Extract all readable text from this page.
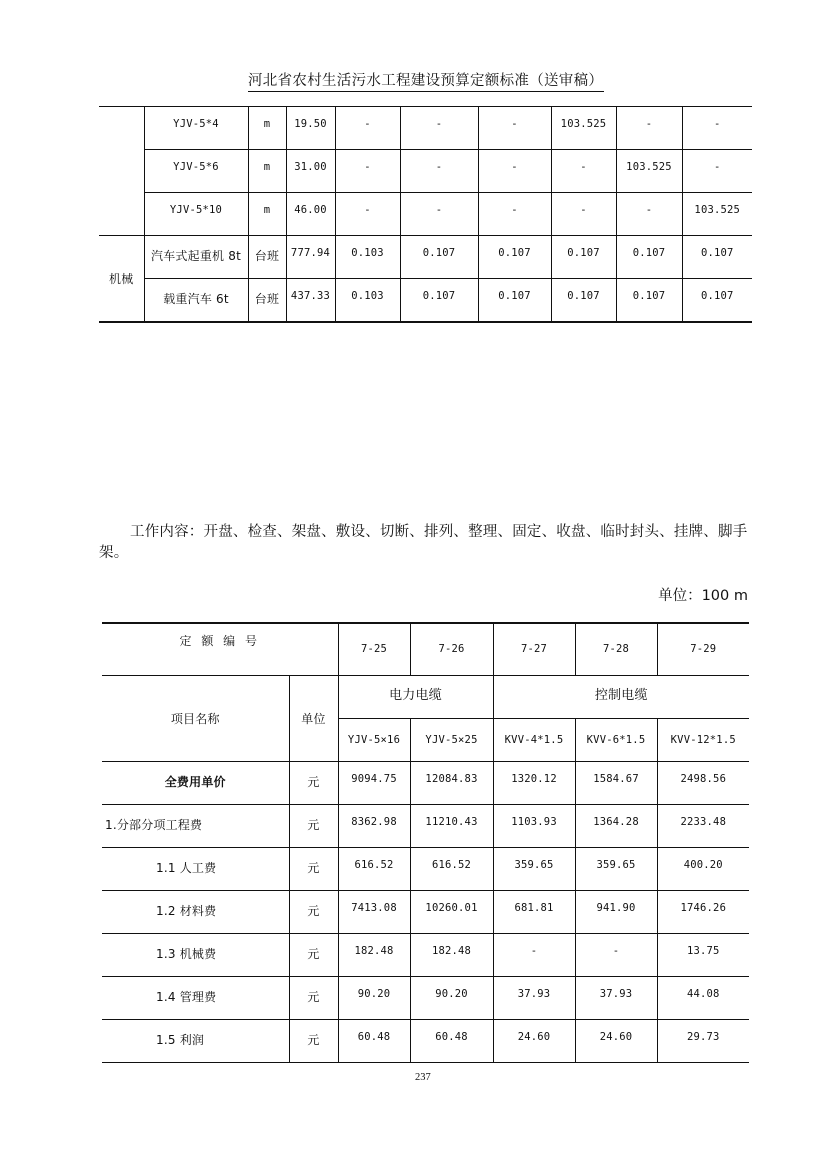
河北省农村生活污水工程建设预算定额标准（送审稿）

	YJV-5*4	m	19.50	-	-	-	103.525	-	-

	YJV-5*6	m	31.00	-	-	-	-	103.525	-

	YJV-5*10	m	46.00	-	-	-	-	-	103.525

机械	汽车式起重机 8t	台班	777.94	0.103	0.107	0.107	0.107	0.107	0.107

	载重汽车 6t	台班	437.33	0.103	0.107	0.107	0.107	0.107	0.107
工作内容：开盘、检查、架盘、敷设、切断、排列、整理、固定、收盘、临时封头、挂牌、脚手架。
单位：100 m
定 额 编 号		7-25	7-26	7-27	7-28	7-29
项目名称	单位	电力电缆		控制电缆		

		YJV-5×16	YJV-5×25	KVV-4*1.5	KVV-6*1.5	KVV-12*1.5

全费用单价	元	9094.75	12084.83	1320.12	1584.67	2498.56

1.分部分项工程费	元	8362.98	11210.43	1103.93	1364.28	2233.48

1.1 人工费	元	616.52	616.52	359.65	359.65	400.20

1.2 材料费	元	7413.08	10260.01	681.81	941.90	1746.26

1.3 机械费	元	182.48	182.48	-	-	13.75

1.4 管理费	元	90.20	90.20	37.93	37.93	44.08

1.5 利润	元	60.48	60.48	24.60	24.60	29.73
237
